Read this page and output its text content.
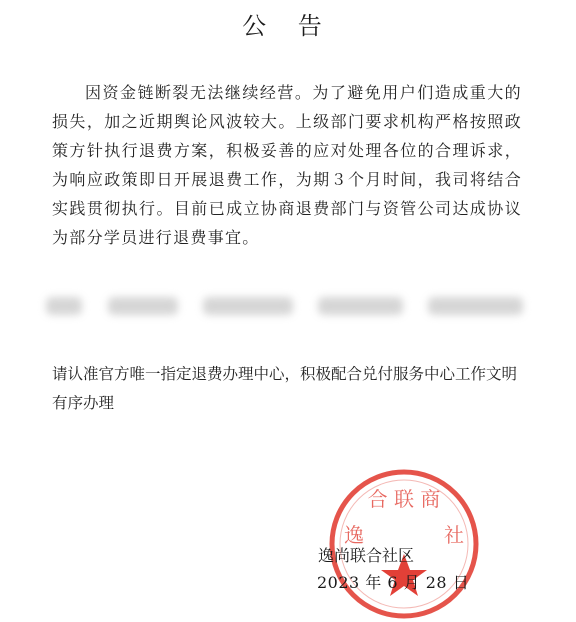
公 告
因资金链断裂无法继续经营。为了避免用户们造成重大的损失，加之近期舆论风波较大。上级部门要求机构严格按照政策方针执行退费方案，积极妥善的应对处理各位的合理诉求，为响应政策即日开展退费工作，为期３个月时间，我司将结合实践贯彻执行。目前已成立协商退费部门与资管公司达成协议为部分学员进行退费事宜。
请认准官方唯一指定退费办理中心，积极配合兑付服务中心工作文明有序办理
合 联 商
社
逸
逸尚联合社区
2023 年 6 月 28 日
